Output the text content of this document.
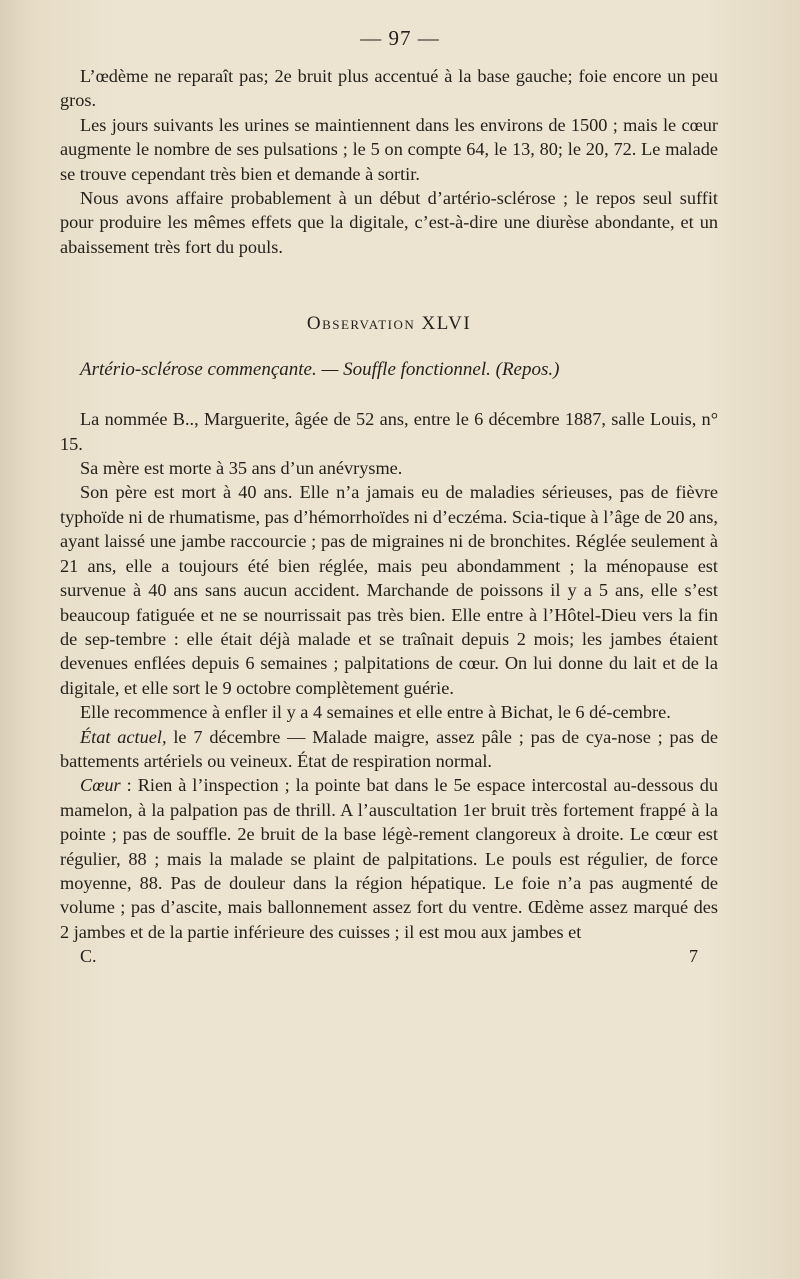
— 97 —

L’œdème ne reparaît pas; 2e bruit plus accentué à la base gauche; foie encore un peu gros.

Les jours suivants les urines se maintiennent dans les environs de 1500 ; mais le cœur augmente le nombre de ses pulsations ; le 5 on compte 64, le 13, 80; le 20, 72. Le malade se trouve cependant très bien et demande à sortir.

Nous avons affaire probablement à un début d’artério-sclérose ; le repos seul suffit pour produire les mêmes effets que la digitale, c’est-à-dire une diurèse abondante, et un abaissement très fort du pouls.

Observation XLVI
Artério-sclérose commençante. — Souffle fonctionnel. (Repos.)

La nommée B.., Marguerite, âgée de 52 ans, entre le 6 décembre 1887, salle Louis, n° 15.

Sa mère est morte à 35 ans d’un anévrysme.

Son père est mort à 40 ans. Elle n’a jamais eu de maladies sérieuses, pas de fièvre typhoïde ni de rhumatisme, pas d’hémorrhoïdes ni d’eczéma. Scia-tique à l’âge de 20 ans, ayant laissé une jambe raccourcie ; pas de migraines ni de bronchites. Réglée seulement à 21 ans, elle a toujours été bien réglée, mais peu abondamment ; la ménopause est survenue à 40 ans sans aucun accident. Marchande de poissons il y a 5 ans, elle s’est beaucoup fatiguée et ne se nourrissait pas très bien. Elle entre à l’Hôtel-Dieu vers la fin de sep-tembre : elle était déjà malade et se traînait depuis 2 mois; les jambes étaient devenues enflées depuis 6 semaines ; palpitations de cœur. On lui donne du lait et de la digitale, et elle sort le 9 octobre complètement guérie.

Elle recommence à enfler il y a 4 semaines et elle entre à Bichat, le 6 dé-cembre.

État actuel, le 7 décembre — Malade maigre, assez pâle ; pas de cya-nose ; pas de battements artériels ou veineux. État de respiration normal.

Cœur : Rien à l’inspection ; la pointe bat dans le 5e espace intercostal au-dessous du mamelon, à la palpation pas de thrill. A l’auscultation 1er bruit très fortement frappé à la pointe ; pas de souffle. 2e bruit de la base légè-rement clangoreux à droite. Le cœur est régulier, 88 ; mais la malade se plaint de palpitations. Le pouls est régulier, de force moyenne, 88. Pas de douleur dans la région hépatique. Le foie n’a pas augmenté de volume ; pas d’ascite, mais ballonnement assez fort du ventre. Œdème assez marqué des 2 jambes et de la partie inférieure des cuisses ; il est mou aux jambes et

C.	7
